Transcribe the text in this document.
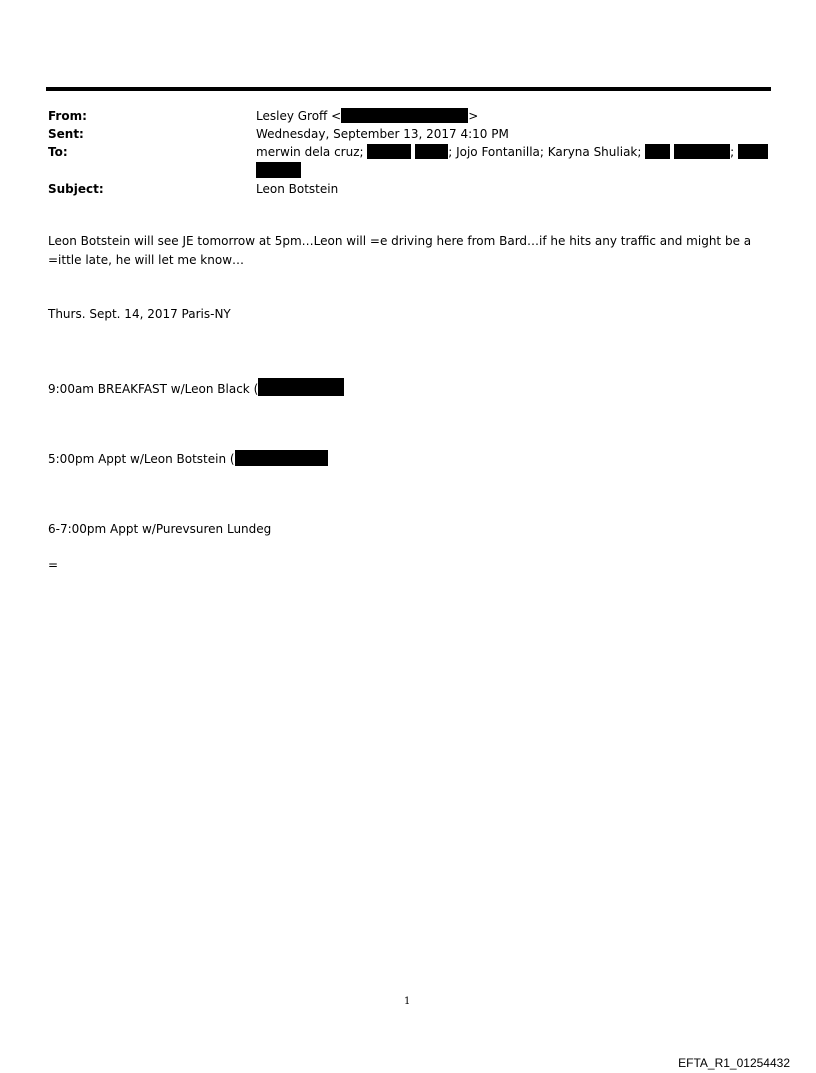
From:	Lesley Groff <	>
Sent:	Wednesday, September 13, 2017 4:10 PM
To:	merwin dela cruz;	; Jojo Fontanilla; Karyna Shuliak;	;
Subject:	Leon Botstein
Leon Botstein will see JE tomorrow at 5pm…Leon will =e driving here from Bard…if he hits any traffic and might be a
=ittle late, he will let me know…
Thurs. Sept. 14, 2017 Paris-NY
9:00am BREAKFAST w/Leon Black (
5:00pm Appt w/Leon Botstein (
6-7:00pm Appt w/Purevsuren Lundeg
=
1
EFTA_R1_01254432
